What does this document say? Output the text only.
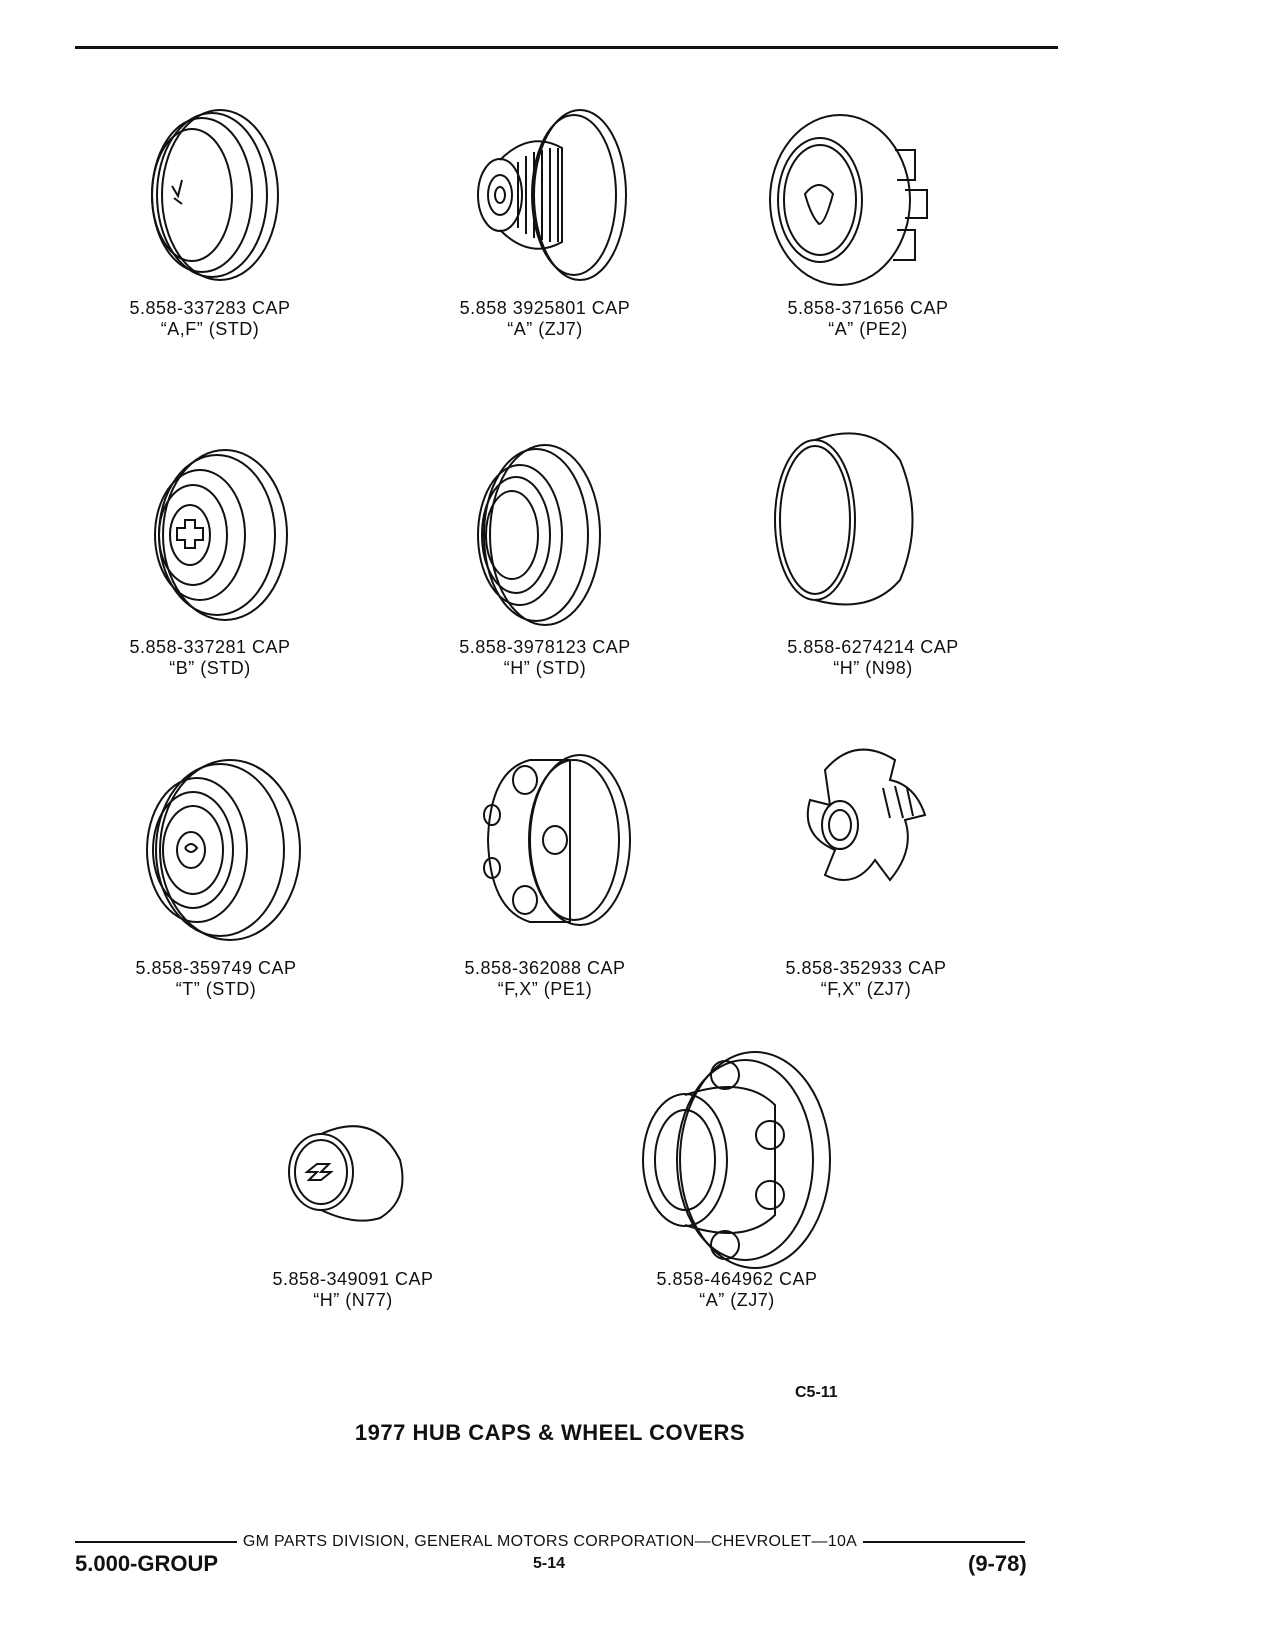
5.858-337283 CAP
“A,F” (STD)
5.858 3925801 CAP
“A” (ZJ7)
5.858-371656 CAP
“A” (PE2)
5.858-337281 CAP
“B” (STD)
5.858-3978123 CAP
“H” (STD)
5.858-6274214 CAP
“H” (N98)
5.858-359749 CAP
“T” (STD)
5.858-362088 CAP
“F,X” (PE1)
5.858-352933 CAP
“F,X” (ZJ7)
5.858-349091 CAP
“H” (N77)
5.858-464962 CAP
“A” (ZJ7)
C5-11
1977 HUB CAPS & WHEEL COVERS
GM PARTS DIVISION, GENERAL MOTORS CORPORATION—CHEVROLET—10A
5.000-GROUP	5-14	(9-78)
